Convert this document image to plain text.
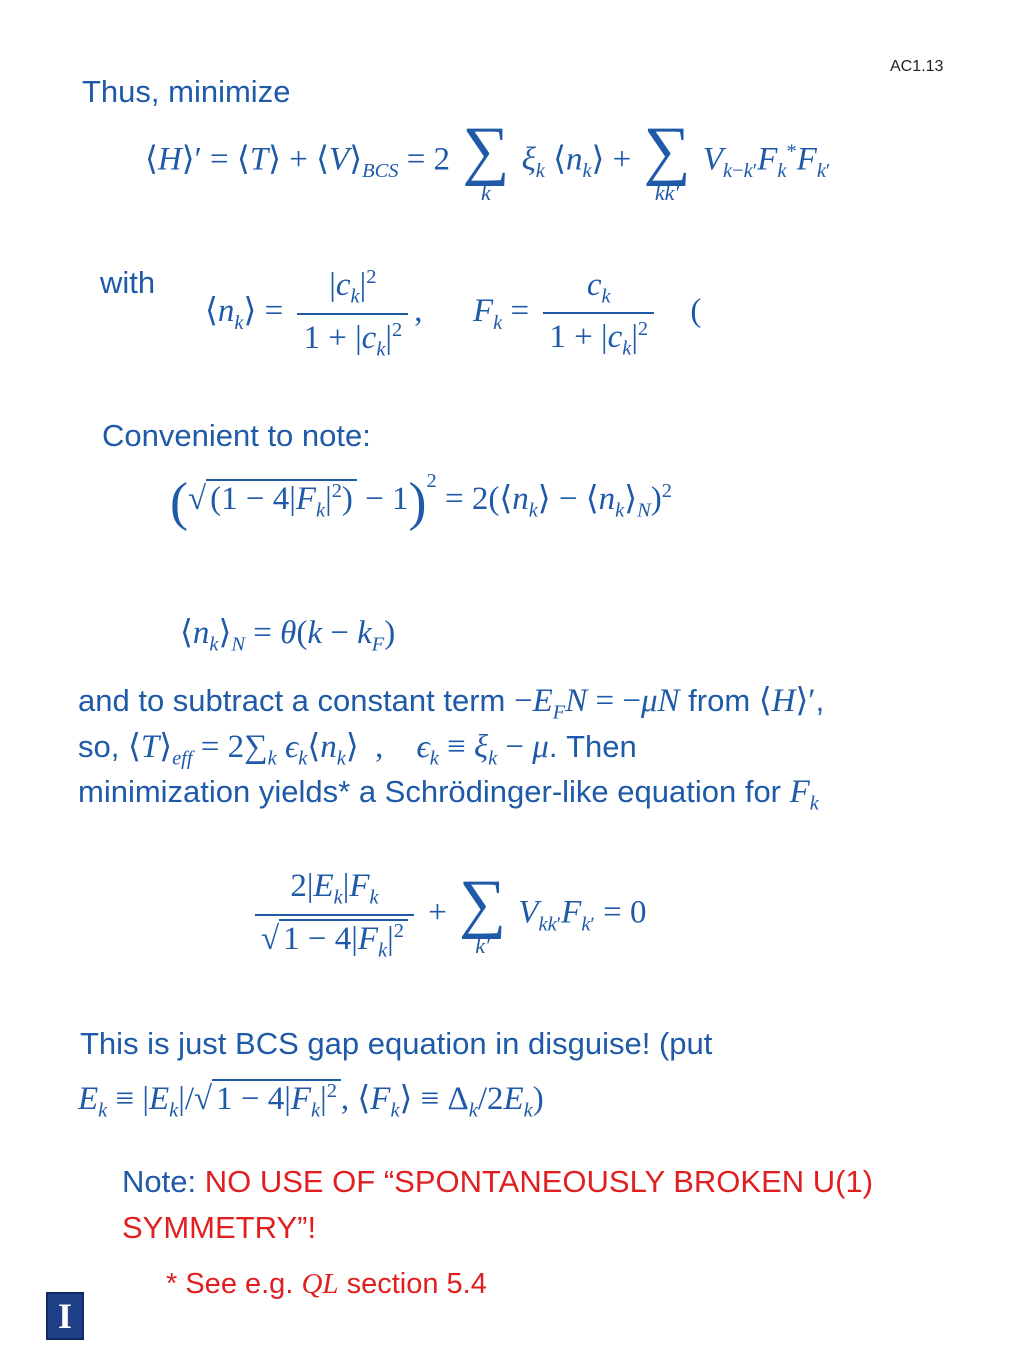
AC1.13
Thus, minimize
⟨H⟩′ = ⟨T⟩ + $⟨V⟩_{BCS} = 2$ ∑
k
$\xi_k$ $⟨n_k⟩$ + ∑
kk′
$V_{k-k'}F_k^*F_{k'}$
with
$⟨n_k⟩ = \frac{|c_k|^2}{1 + |c_k|^2}$ ,  $F_k = \frac{c_k}{1 + |c_k|^2}$ (
Convenient to note:
(√ $(1 - 4|F_k|^2) - 1)^2$ = $2(⟨n_k⟩$ − $⟨n_k⟩_N)^2$
$⟨n_k⟩_N = \theta(k - k_F)$
and to subtract a constant term $-E_FN = -\mu N$ from ⟨H⟩′,
so, $⟨T⟩_{eff} = 2\sum_k$ $\epsilon_k⟨n_k⟩$  ,    $\epsilon_k \equiv \xi_k - \mu$. Then
minimization yields* a Schrödinger-like equation for $F_k$
$\frac{2|E_k|F_k}{√ 1 - 4|F_k|^2}$ + ∑
k′
$V_{kk'}F_{k'} = 0$
This is just BCS gap equation in disguise! (put
$E_k \equiv |E_k|/√$ $1 - 4|F_k|^2$ , $⟨F_k⟩ \equiv \Delta_k/2E_k$)
Note: NO USE OF “SPONTANEOUSLY BROKEN U(1)
SYMMETRY”!
* See e.g. QL section 5.4
I
